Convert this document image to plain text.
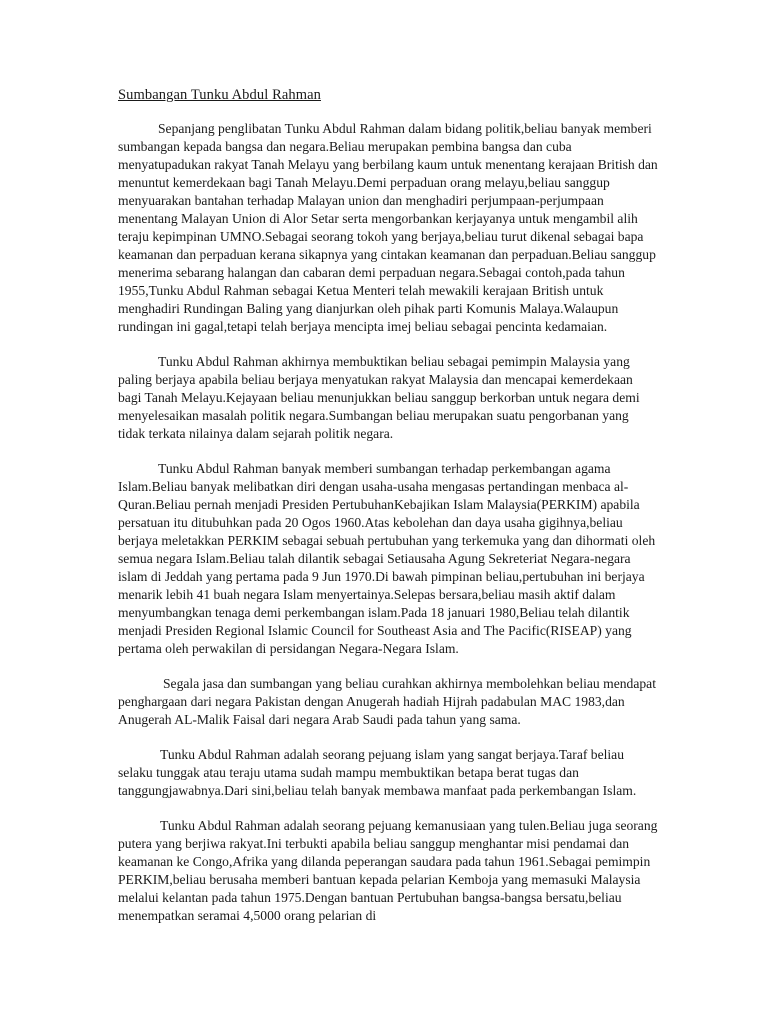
Sumbangan Tunku Abdul Rahman

Sepanjang penglibatan Tunku Abdul Rahman dalam bidang politik,beliau banyak memberi sumbangan kepada bangsa dan negara.Beliau merupakan pembina bangsa dan cuba menyatupadukan rakyat Tanah Melayu yang berbilang kaum untuk menentang kerajaan British dan menuntut kemerdekaan bagi Tanah Melayu.Demi perpaduan orang melayu,beliau sanggup menyuarakan bantahan terhadap Malayan union dan menghadiri perjumpaan-perjumpaan menentang Malayan Union di Alor Setar serta mengorbankan kerjayanya untuk mengambil alih teraju kepimpinan UMNO.Sebagai seorang tokoh yang berjaya,beliau turut dikenal sebagai bapa keamanan dan perpaduan kerana sikapnya yang cintakan keamanan dan perpaduan.Beliau sanggup menerima sebarang halangan dan cabaran demi perpaduan negara.Sebagai contoh,pada tahun 1955,Tunku Abdul Rahman sebagai Ketua Menteri telah mewakili kerajaan British untuk menghadiri Rundingan Baling yang dianjurkan oleh pihak parti Komunis Malaya.Walaupun rundingan ini gagal,tetapi telah berjaya mencipta imej beliau sebagai pencinta kedamaian.

Tunku Abdul Rahman akhirnya membuktikan beliau sebagai pemimpin Malaysia yang paling berjaya apabila beliau berjaya menyatukan rakyat Malaysia dan mencapai kemerdekaan bagi Tanah Melayu.Kejayaan beliau menunjukkan beliau sanggup berkorban untuk negara demi menyelesaikan masalah politik negara.Sumbangan beliau merupakan suatu pengorbanan yang tidak terkata nilainya dalam sejarah politik negara.

Tunku Abdul Rahman banyak memberi sumbangan terhadap perkembangan agama Islam.Beliau banyak melibatkan diri dengan usaha-usaha mengasas pertandingan menbaca al-Quran.Beliau pernah menjadi Presiden PertubuhanKebajikan Islam Malaysia(PERKIM) apabila persatuan itu ditubuhkan pada 20 Ogos 1960.Atas kebolehan dan daya usaha gigihnya,beliau berjaya meletakkan PERKIM sebagai sebuah pertubuhan yang terkemuka yang dan dihormati oleh semua negara Islam.Beliau talah dilantik sebagai Setiausaha Agung Sekreteriat Negara-negara islam di Jeddah yang pertama pada 9 Jun 1970.Di bawah pimpinan beliau,pertubuhan ini berjaya menarik lebih 41 buah negara Islam menyertainya.Selepas bersara,beliau masih aktif dalam menyumbangkan tenaga demi perkembangan islam.Pada 18 januari 1980,Beliau telah dilantik menjadi Presiden Regional Islamic Council for Southeast Asia and The Pacific(RISEAP) yang pertama oleh perwakilan di persidangan Negara-Negara Islam.

Segala jasa dan sumbangan yang beliau curahkan akhirnya membolehkan beliau mendapat penghargaan dari negara Pakistan dengan Anugerah hadiah Hijrah padabulan MAC 1983,dan Anugerah AL-Malik Faisal dari negara Arab Saudi pada tahun yang sama.

Tunku Abdul Rahman adalah seorang pejuang islam yang sangat berjaya.Taraf beliau selaku tunggak atau teraju utama sudah mampu membuktikan betapa berat tugas dan tanggungjawabnya.Dari sini,beliau telah banyak membawa manfaat pada perkembangan Islam.

Tunku Abdul Rahman adalah seorang pejuang kemanusiaan yang tulen.Beliau juga seorang putera yang berjiwa rakyat.Ini terbukti apabila beliau sanggup menghantar misi pendamai dan keamanan ke Congo,Afrika yang dilanda peperangan saudara pada tahun 1961.Sebagai pemimpin PERKIM,beliau berusaha memberi bantuan kepada pelarian Kemboja yang memasuki Malaysia melalui kelantan pada tahun 1975.Dengan bantuan Pertubuhan bangsa-bangsa bersatu,beliau menempatkan seramai 4,5000 orang pelarian di
